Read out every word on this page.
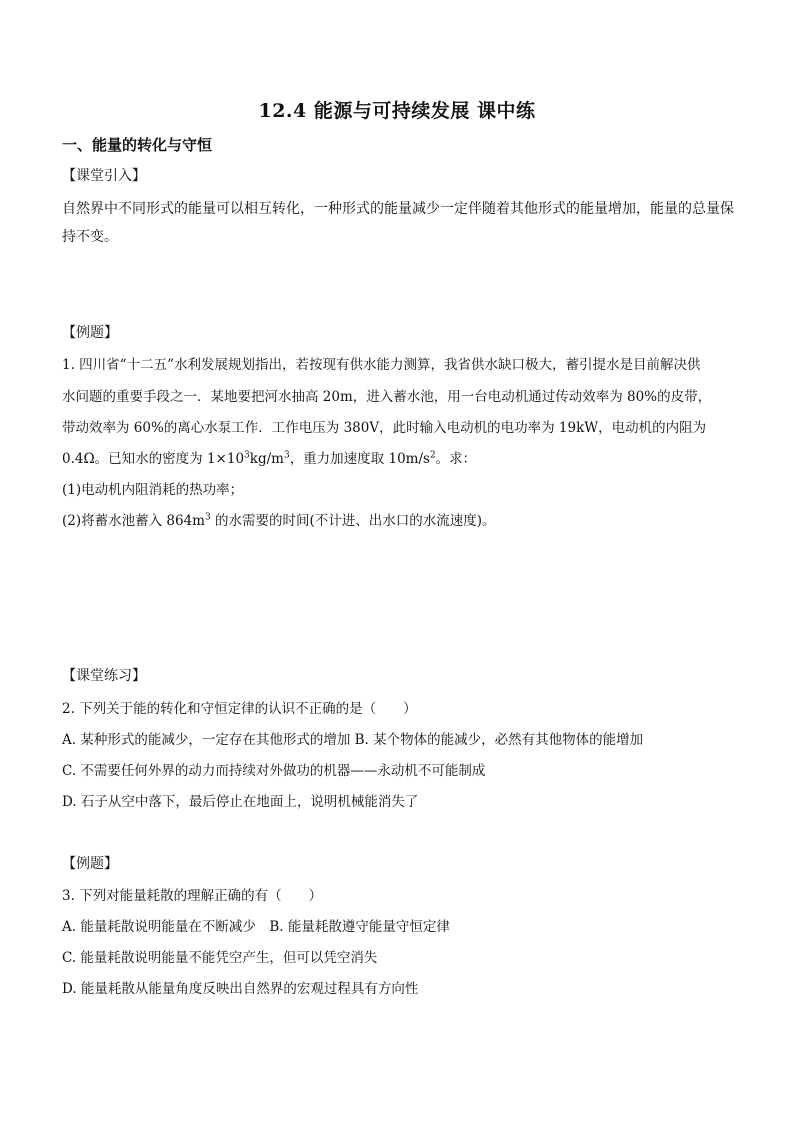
12.4 能源与可持续发展 课中练
一、能量的转化与守恒
【课堂引入】
自然界中不同形式的能量可以相互转化，一种形式的能量减少一定伴随着其他形式的能量增加，能量的总量保持不变。
【例题】
1. 四川省“十二五”水利发展规划指出，若按现有供水能力测算，我省供水缺口极大，蓄引提水是目前解决供
水问题的重要手段之一．某地要把河水抽高 20m，进入蓄水池，用一台电动机通过传动效率为 80%的皮带，
带动效率为 60%的离心水泵工作．工作电压为 380V，此时输入电动机的电功率为 19kW，电动机的内阻为
0.4Ω。已知水的密度为 $1\times 10^3kg/m^3$，重力加速度取 $10m/s^2$。求：
(1)电动机内阻消耗的热功率；
(2)将蓄水池蓄入 $864m^3$ 的水需要的时间(不计进、出水口的水流速度)。
【课堂练习】
2. 下列关于能的转化和守恒定律的认识不正确的是（　　）
A. 某种形式的能减少，一定存在其他形式的增加 B. 某个物体的能减少，必然有其他物体的能增加
C. 不需要任何外界的动力而持续对外做功的机器——永动机不可能制成
D. 石子从空中落下，最后停止在地面上，说明机械能消失了
【例题】
3. 下列对能量耗散的理解正确的有（　　）
A. 能量耗散说明能量在不断减少　B. 能量耗散遵守能量守恒定律
C. 能量耗散说明能量不能凭空产生，但可以凭空消失
D. 能量耗散从能量角度反映出自然界的宏观过程具有方向性
